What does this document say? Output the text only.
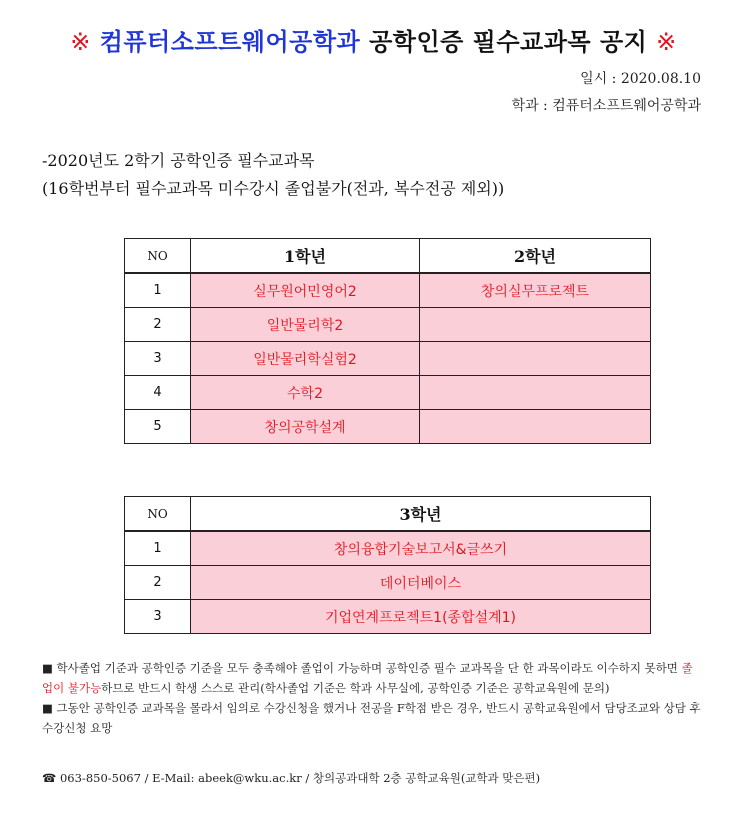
※ 컴퓨터소프트웨어공학과 공학인증 필수교과목 공지 ※
일시 : 2020.08.10
학과 : 컴퓨터소프트웨어공학과
-2020년도 2학기 공학인증 필수교과목
(16학번부터 필수교과목 미수강시 졸업불가(전과, 복수전공 제외))
NO	1학년	2학년
1	실무원어민영어2	창의실무프로젝트
2	일반물리학2	
3	일반물리학실험2	
4	수학2	
5	창의공학설계	
NO	3학년
1	창의융합기술보고서&글쓰기
2	데이터베이스
3	기업연계프로젝트1(종합설계1)

■ 학사졸업 기준과 공학인증 기준을 모두 충족해야 졸업이 가능하며 공학인증 필수 교과목을 단 한 과목이라도 이수하지 못하면 졸업이 불가능하므로 반드시 학생 스스로 관리(학사졸업 기준은 학과 사무실에, 공학인증 기준은 공학교육원에 문의)

■ 그동안 공학인증 교과목을 몰라서 임의로 수강신청을 했거나 전공을 F학점 받은 경우, 반드시 공학교육원에서 담당조교와 상담 후 수강신청 요망

☎ 063-850-5067 / E-Mail: abeek@wku.ac.kr / 창의공과대학 2층 공학교육원(교학과 맞은편)
